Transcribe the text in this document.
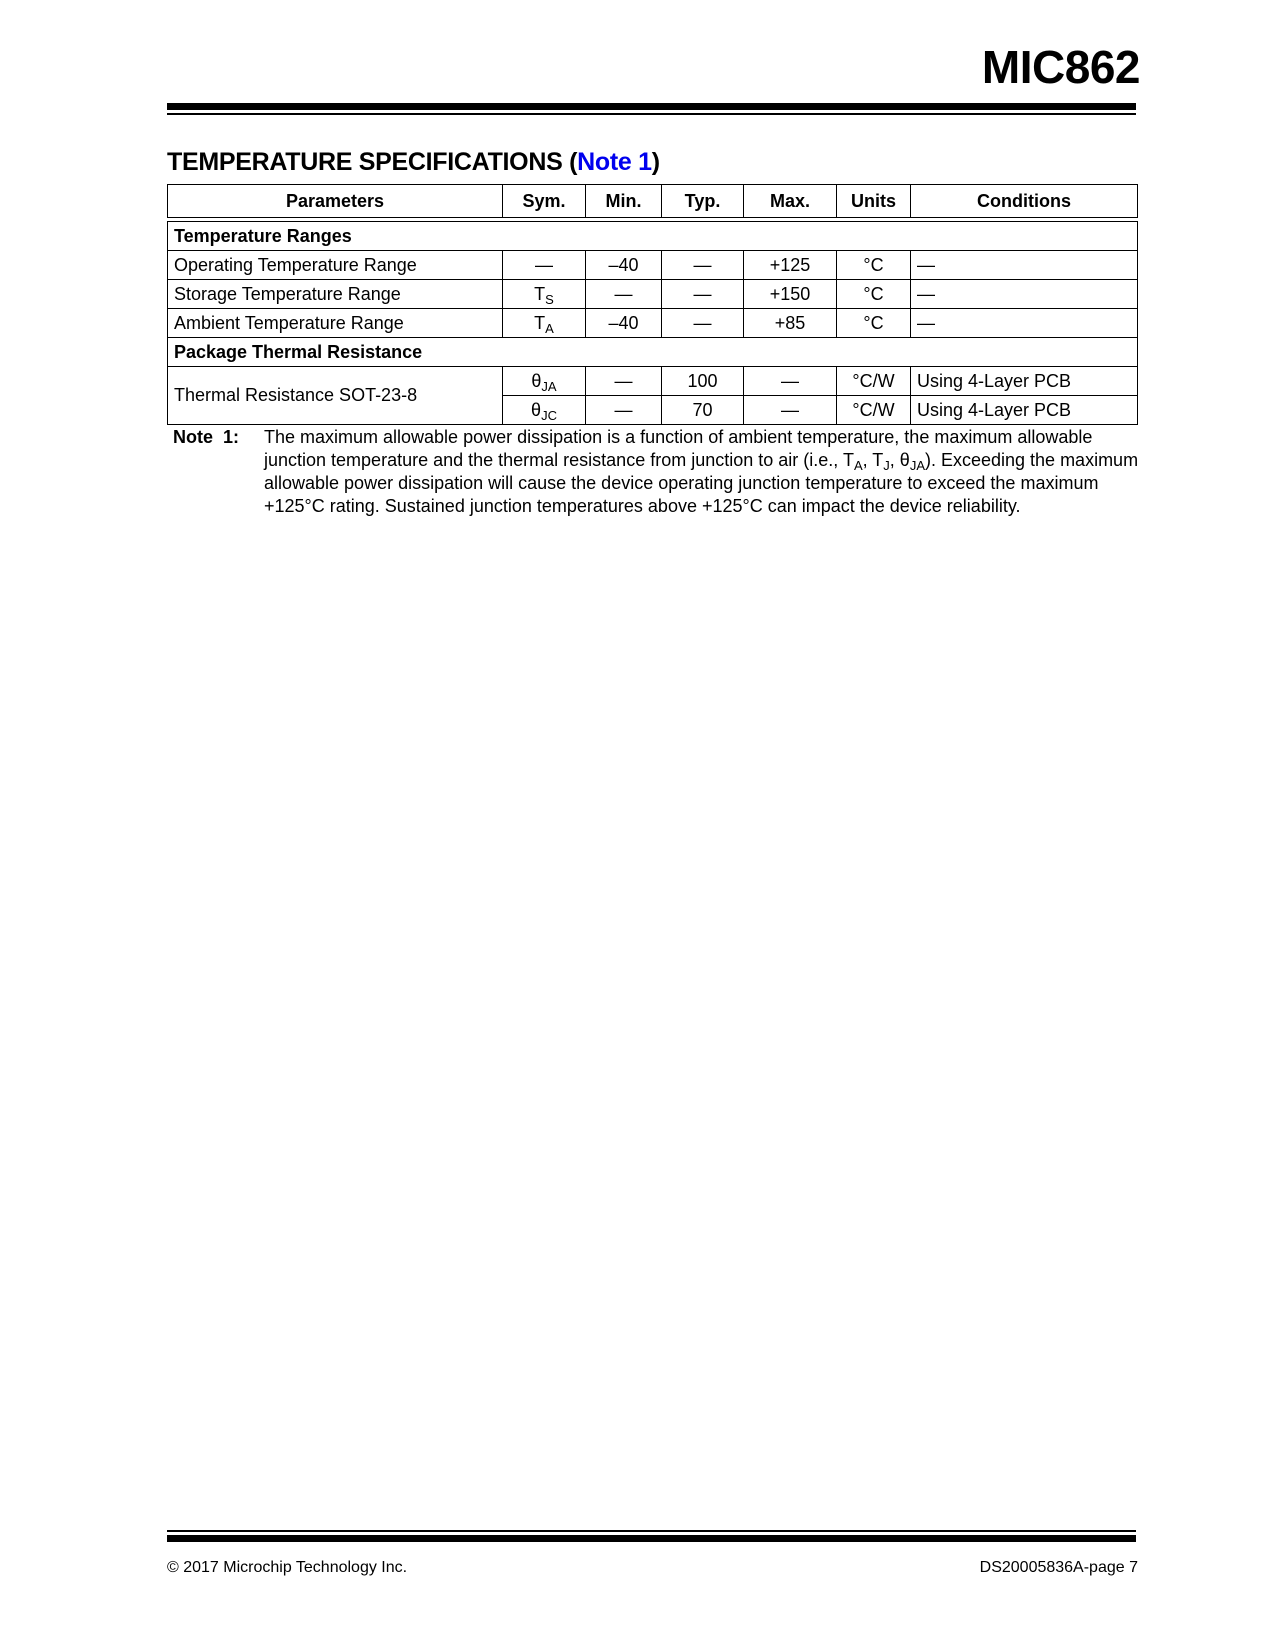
MIC862
TEMPERATURE SPECIFICATIONS (Note 1)
Parameters	Sym.	Min.	Typ.	Max.	Units	Conditions

Temperature Ranges						
Operating Temperature Range	—	–40	—	+125	°C	—
Storage Temperature Range	$T_S$	—	—	+150	°C	—
Ambient Temperature Range	$T_A$	–40	—	+85	°C	—
Package Thermal Resistance						
Thermal Resistance SOT-23-8	$\theta_{JA}$	—	100	—	°C/W	Using 4-Layer PCB
	$\theta_{JC}$	—	70	—	°C/W	Using 4-Layer PCB
Note  1: The maximum allowable power dissipation is a function of ambient temperature, the maximum allowable junction temperature and the thermal resistance from junction to air (i.e., $T_A$, $T_J$, $\theta_{JA}$). Exceeding the maximum allowable power dissipation will cause the device operating junction temperature to exceed the maximum +125°C rating. Sustained junction temperatures above +125°C can impact the device reliability.
© 2017 Microchip Technology Inc.	DS20005836A-page 7
